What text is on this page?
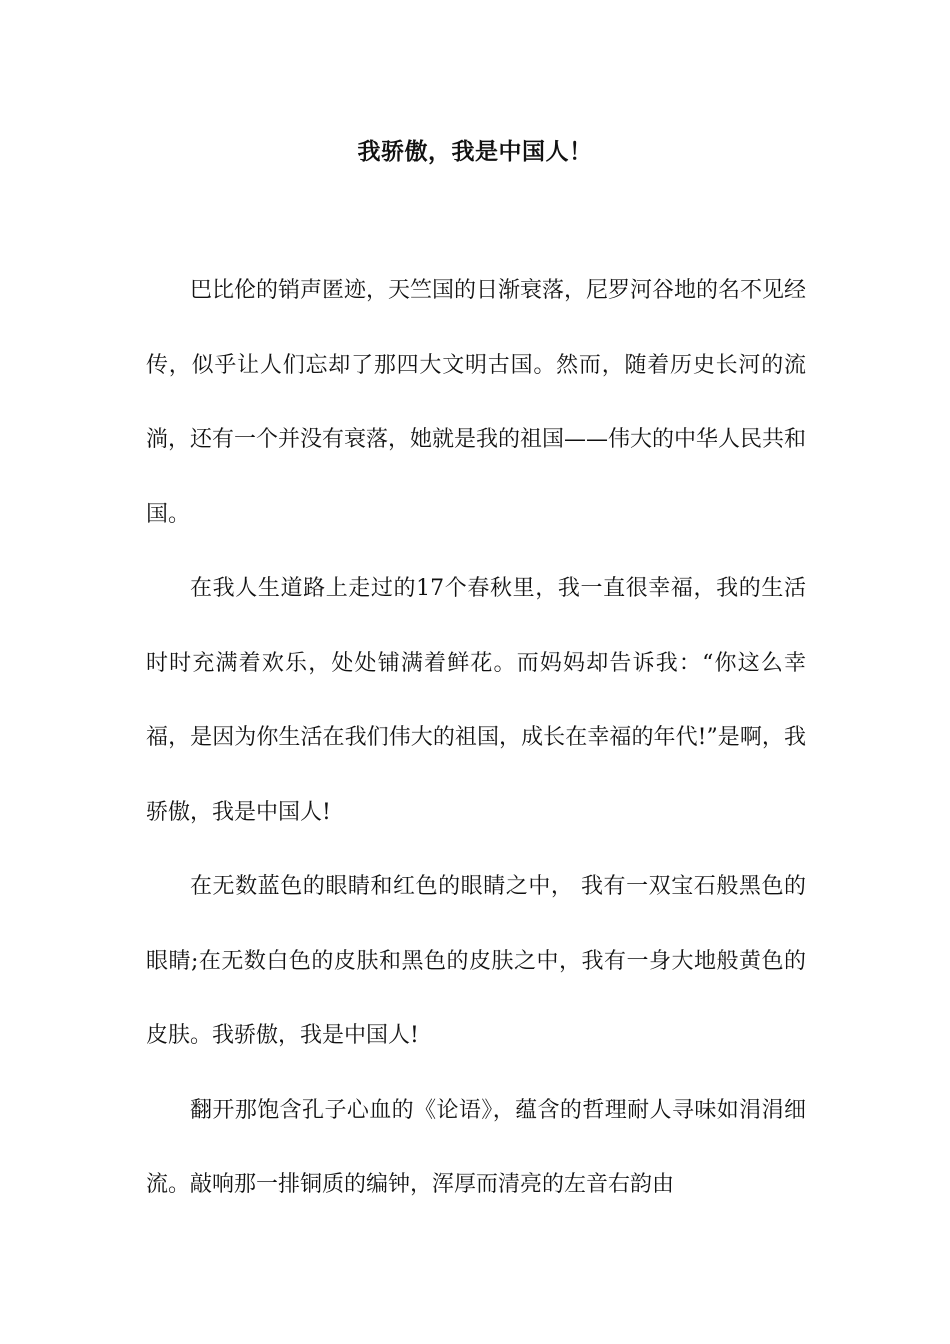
我骄傲，我是中国人！

巴比伦的销声匿迹，天竺国的日渐衰落，尼罗河谷地的名不见经传，似乎让人们忘却了那四大文明古国。然而，随着历史长河的流淌，还有一个并没有衰落，她就是我的祖国——伟大的中华人民共和国。

在我人生道路上走过的17个春秋里，我一直很幸福，我的生活时时充满着欢乐，处处铺满着鲜花。而妈妈却告诉我：“你这么幸福，是因为你生活在我们伟大的祖国，成长在幸福的年代!”是啊，我骄傲，我是中国人!

在无数蓝色的眼睛和红色的眼睛之中， 我有一双宝石般黑色的眼睛;在无数白色的皮肤和黑色的皮肤之中，我有一身大地般黄色的皮肤。我骄傲，我是中国人!

翻开那饱含孔子心血的《论语》，蕴含的哲理耐人寻味如涓涓细流。敲响那一排铜质的编钟，浑厚而清亮的左音右韵由
